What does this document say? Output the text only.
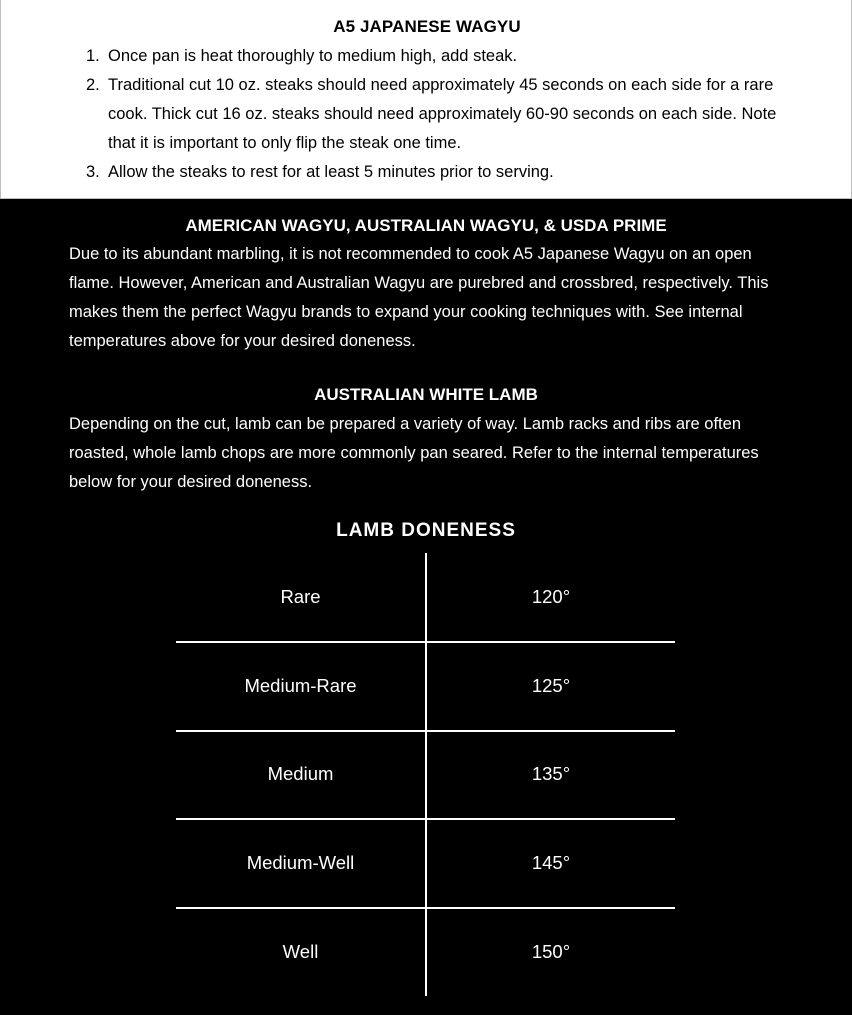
A5 JAPANESE WAGYU
1. Once pan is heat thoroughly to medium high, add steak.
2. Traditional cut 10 oz. steaks should need approximately 45 seconds on each side for a rare cook. Thick cut 16 oz. steaks should need approximately 60-90 seconds on each side. Note that it is important to only flip the steak one time.
3. Allow the steaks to rest for at least 5 minutes prior to serving.
AMERICAN WAGYU, AUSTRALIAN WAGYU, & USDA PRIME

Due to its abundant marbling, it is not recommended to cook A5 Japanese Wagyu on an open flame. However, American and Australian Wagyu are purebred and crossbred, respectively. This makes them the perfect Wagyu brands to expand your cooking techniques with. See internal temperatures above for your desired doneness.

AUSTRALIAN WHITE LAMB

Depending on the cut, lamb can be prepared a variety of way. Lamb racks and ribs are often roasted, whole lamb chops are more commonly pan seared. Refer to the internal temperatures below for your desired doneness.

LAMB DONENESS
Rare	120°
Medium-Rare	125°
Medium	135°
Medium-Well	145°
Well	150°
